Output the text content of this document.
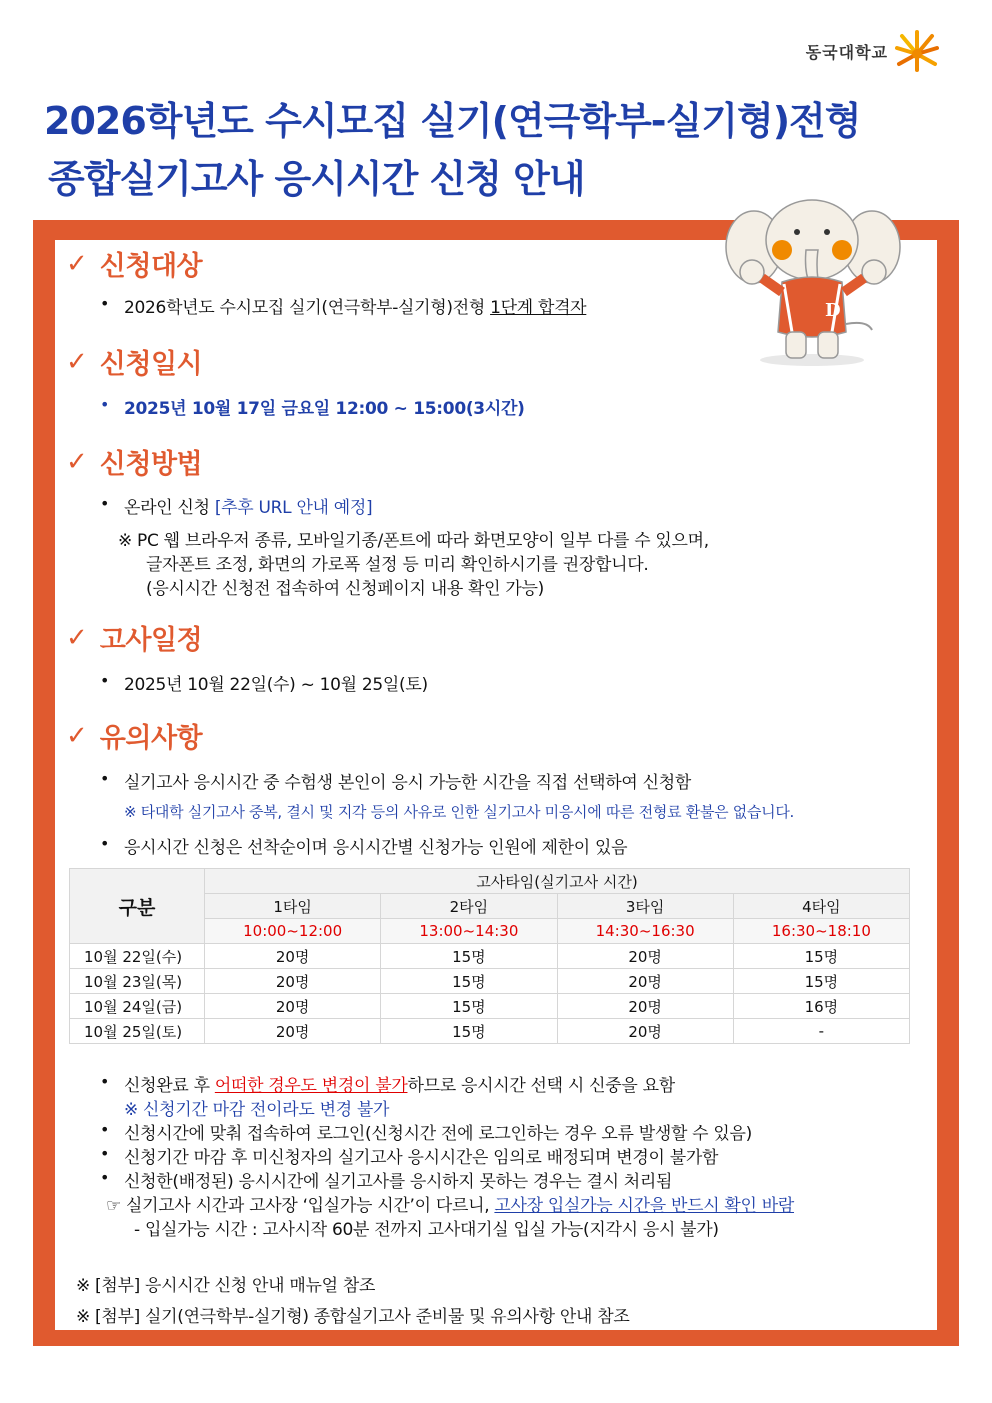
동국대학교
2026학년도 수시모집 실기(연극학부-실기형)전형
종합실기고사 응시시간 신청 안내
D
✓ 신청대상
• 2026학년도 수시모집 실기(연극학부-실기형)전형 1단계 합격자
✓ 신청일시
• 2025년 10월 17일 금요일 12:00 ~ 15:00(3시간)
✓ 신청방법
• 온라인 신청 [추후 URL 안내 예정]
※ PC 웹 브라우저 종류, 모바일기종/폰트에 따라 화면모양이 일부 다를 수 있으며,
글자폰트 조정, 화면의 가로폭 설정 등 미리 확인하시기를 권장합니다.
(응시시간 신청전 접속하여 신청페이지 내용 확인 가능)
✓ 고사일정
• 2025년 10월 22일(수) ~ 10월 25일(토)
✓ 유의사항
• 실기고사 응시시간 중 수험생 본인이 응시 가능한 시간을 직접 선택하여 신청함
※ 타대학 실기고사 중복, 결시 및 지각 등의 사유로 인한 실기고사 미응시에 따른 전형료 환불은 없습니다.
• 응시시간 신청은 선착순이며 응시시간별 신청가능 인원에 제한이 있음
구분	고사타임(실기고사 시간)			
	1타임	2타임	3타임	4타임
	10:00~12:00	13:00~14:30	14:30~16:30	16:30~18:10
10월 22일(수)	20명	15명	20명	15명
10월 23일(목)	20명	15명	20명	15명
10월 24일(금)	20명	15명	20명	16명
10월 25일(토)	20명	15명	20명	-
• 신청완료 후 어떠한 경우도 변경이 불가하므로 응시시간 선택 시 신중을 요함
※ 신청기간 마감 전이라도 변경 불가
• 신청시간에 맞춰 접속하여 로그인(신청시간 전에 로그인하는 경우 오류 발생할 수 있음)
• 신청기간 마감 후 미신청자의 실기고사 응시시간은 임의로 배정되며 변경이 불가함
• 신청한(배정된) 응시시간에 실기고사를 응시하지 못하는 경우는 결시 처리됨
☞ 실기고사 시간과 고사장 ‘입실가능 시간’이 다르니, 고사장 입실가능 시간을 반드시 확인 바람
- 입실가능 시간 : 고사시작 60분 전까지 고사대기실 입실 가능(지각시 응시 불가)
※ [첨부] 응시시간 신청 안내 매뉴얼 참조
※ [첨부] 실기(연극학부-실기형) 종합실기고사 준비물 및 유의사항 안내 참조
